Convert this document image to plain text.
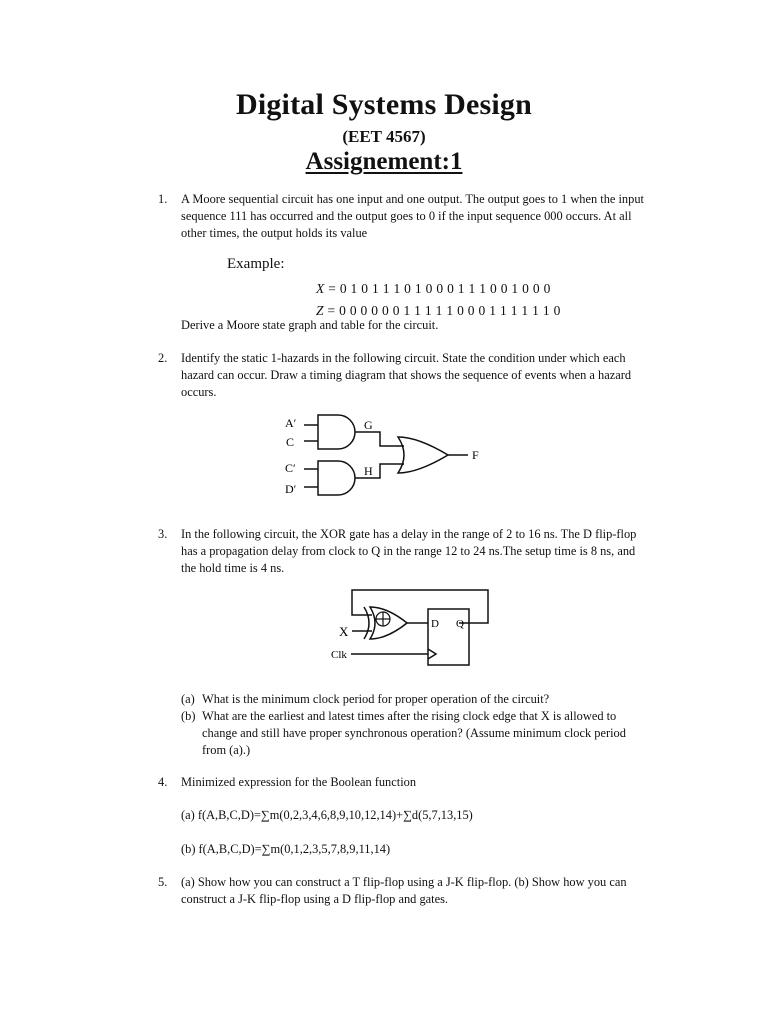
Digital Systems Design
(EET 4567)
Assignement:1
1. A Moore sequential circuit has one input and one output. The output goes to 1 when the input sequence 111 has occurred and the output goes to 0 if the input sequence 000 occurs. At all other times, the output holds its value
Example:
X = 0 1 0 1 1 1 0 1 0 0 0 1 1 1 0 0 1 0 0 0
Z = 0 0 0 0 0 0 1 1 1 1 1 0 0 0 1 1 1 1 1 1 0
Derive a Moore state graph and table for the circuit.
2. Identify the static 1-hazards in the following circuit. State the condition under which each hazard can occur. Draw a timing diagram that shows the sequence of events when a hazard occurs.
A′
C
C′
D′
G
H
F
3. In the following circuit, the XOR gate has a delay in the range of 2 to 16 ns. The D flip-flop has a propagation delay from clock to Q in the range 12 to 24 ns.The setup time is 8 ns, and the hold time is 4 ns.
X
Clk
D Q
(a) What is the minimum clock period for proper operation of the circuit?
(b) What are the earliest and latest times after the rising clock edge that X is allowed to change and still have proper synchronous operation? (Assume minimum clock period from (a).)
4. Minimized expression for the Boolean function
(a) f(A,B,C,D)=∑m(0,2,3,4,6,8,9,10,12,14)+∑d(5,7,13,15)
(b) f(A,B,C,D)=∑m(0,1,2,3,5,7,8,9,11,14)
5. (a) Show how you can construct a T flip-flop using a J-K flip-flop. (b) Show how you can construct a J-K flip-flop using a D flip-flop and gates.
